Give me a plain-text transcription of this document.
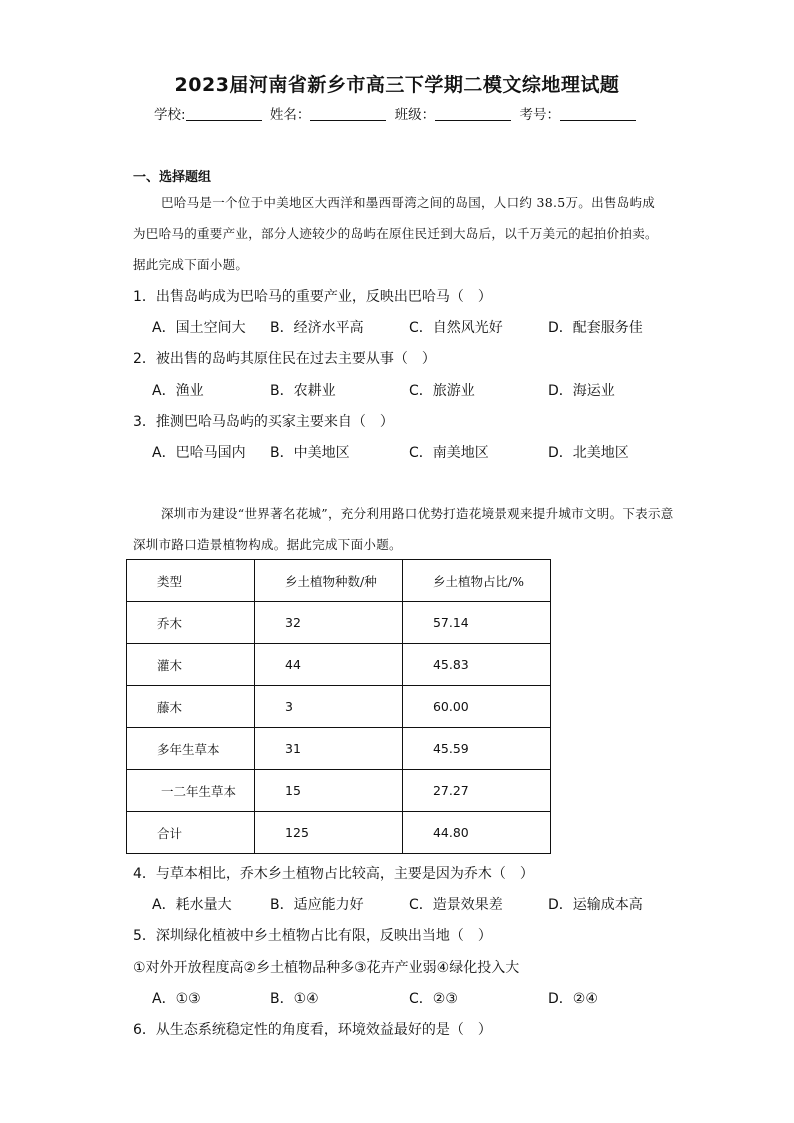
2023届河南省新乡市高三下学期二模文综地理试题
学校:	姓名：	班级：	考号：
一、选择题组
巴哈马是一个位于中美地区大西洋和墨西哥湾之间的岛国，人口约 38.5万。出售岛屿成为巴哈马的重要产业，部分人迹较少的岛屿在原住民迁到大岛后，以千万美元的起拍价拍卖。据此完成下面小题。
1．出售岛屿成为巴哈马的重要产业，反映出巴哈马（　）
A．国土空间大 B．经济水平高	C．自然风光好	D．配套服务佳
2．被出售的岛屿其原住民在过去主要从事（　）
A．渔业	B．农耕业	C．旅游业	D．海运业
3．推测巴哈马岛屿的买家主要来自（　）
A．巴哈马国内 B．中美地区	C．南美地区	D．北美地区
深圳市为建设“世界著名花城”，充分利用路口优势打造花境景观来提升城市文明。下表示意深圳市路口造景植物构成。据此完成下面小题。
类型	乡土植物种数/种	乡土植物占比/%
乔木	32	57.14
灌木	44	45.83
藤木	3	60.00
多年生草本	31	45.59
一二年生草本	15	27.27
合计	125	44.80
4．与草本相比，乔木乡土植物占比较高，主要是因为乔木（　）
A．耗水量大	B．适应能力好	C．造景效果差	D．运输成本高
5．深圳绿化植被中乡土植物占比有限，反映出当地（　）
①对外开放程度高②乡土植物品种多③花卉产业弱④绿化投入大
A．①③	B．①④	C．②③	D．②④
6．从生态系统稳定性的角度看，环境效益最好的是（　）
